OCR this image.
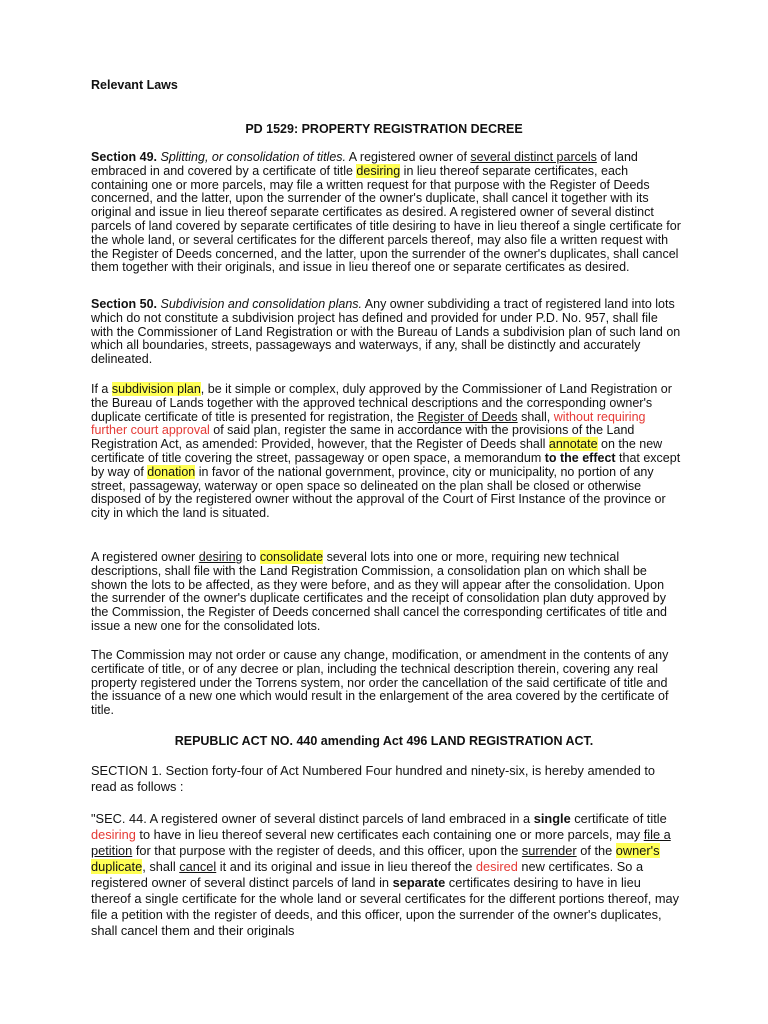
Relevant Laws
PD 1529: PROPERTY REGISTRATION DECREE
Section 49. Splitting, or consolidation of titles. A registered owner of several distinct parcels of land embraced in and covered by a certificate of title desiring in lieu thereof separate certificates, each containing one or more parcels, may file a written request for that purpose with the Register of Deeds concerned, and the latter, upon the surrender of the owner's duplicate, shall cancel it together with its original and issue in lieu thereof separate certificates as desired. A registered owner of several distinct parcels of land covered by separate certificates of title desiring to have in lieu thereof a single certificate for the whole land, or several certificates for the different parcels thereof, may also file a written request with the Register of Deeds concerned, and the latter, upon the surrender of the owner's duplicates, shall cancel them together with their originals, and issue in lieu thereof one or separate certificates as desired.
Section 50. Subdivision and consolidation plans. Any owner subdividing a tract of registered land into lots which do not constitute a subdivision project has defined and provided for under P.D. No. 957, shall file with the Commissioner of Land Registration or with the Bureau of Lands a subdivision plan of such land on which all boundaries, streets, passageways and waterways, if any, shall be distinctly and accurately delineated.
If a subdivision plan, be it simple or complex, duly approved by the Commissioner of Land Registration or the Bureau of Lands together with the approved technical descriptions and the corresponding owner's duplicate certificate of title is presented for registration, the Register of Deeds shall, without requiring further court approval of said plan, register the same in accordance with the provisions of the Land Registration Act, as amended: Provided, however, that the Register of Deeds shall annotate on the new certificate of title covering the street, passageway or open space, a memorandum to the effect that except by way of donation in favor of the national government, province, city or municipality, no portion of any street, passageway, waterway or open space so delineated on the plan shall be closed or otherwise disposed of by the registered owner without the approval of the Court of First Instance of the province or city in which the land is situated.
A registered owner desiring to consolidate several lots into one or more, requiring new technical descriptions, shall file with the Land Registration Commission, a consolidation plan on which shall be shown the lots to be affected, as they were before, and as they will appear after the consolidation. Upon the surrender of the owner's duplicate certificates and the receipt of consolidation plan duty approved by the Commission, the Register of Deeds concerned shall cancel the corresponding certificates of title and issue a new one for the consolidated lots.
The Commission may not order or cause any change, modification, or amendment in the contents of any certificate of title, or of any decree or plan, including the technical description therein, covering any real property registered under the Torrens system, nor order the cancellation of the said certificate of title and the issuance of a new one which would result in the enlargement of the area covered by the certificate of title.
REPUBLIC ACT NO. 440 amending Act 496 LAND REGISTRATION ACT.
SECTION 1. Section forty-four of Act Numbered Four hundred and ninety-six, is hereby amended to read as follows :
"SEC. 44. A registered owner of several distinct parcels of land embraced in a single certificate of title desiring to have in lieu thereof several new certificates each containing one or more parcels, may file a petition for that purpose with the register of deeds, and this officer, upon the surrender of the owner's duplicate, shall cancel it and its original and issue in lieu thereof the desired new certificates. So a registered owner of several distinct parcels of land in separate certificates desiring to have in lieu thereof a single certificate for the whole land or several certificates for the different portions thereof, may file a petition with the register of deeds, and this officer, upon the surrender of the owner's duplicates, shall cancel them and their originals
